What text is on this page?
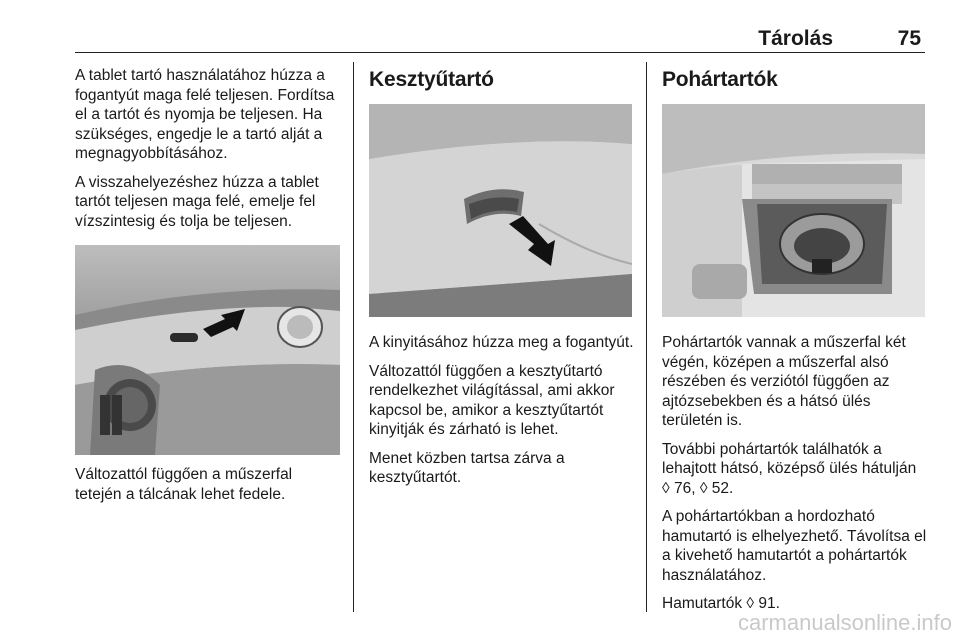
Tárolás	75

A tablet tartó használatához húzza a fogantyút maga felé teljesen. Fordítsa el a tartót és nyomja be teljesen. Ha szükséges, engedje le a tartó alját a megnagyobbításához.

A visszahelyezéshez húzza a tablet tartót teljesen maga felé, emelje fel vízszintesig és tolja be teljesen.

Változattól függően a műszerfal tetején a tálcának lehet fedele.

Kesztyűtartó

A kinyitásához húzza meg a fogantyút.

Változattól függően a kesztyűtartó rendelkezhet világítással, ami akkor kapcsol be, amikor a kesztyűtartót kinyitják és zárható is lehet.

Menet közben tartsa zárva a kesztyűtartót.

Pohártartók

Pohártartók vannak a műszerfal két végén, középen a műszerfal alsó részében és verziótól függően az ajtózsebekben és a hátsó ülés területén is.

További pohártartók találhatók a lehajtott hátsó, középső ülés hátulján ◊ 76, ◊ 52.

A pohártartókban a hordozható hamutartó is elhelyezhető. Távolítsa el a kivehető hamutartót a pohártartók használatához.

Hamutartók ◊ 91.

carmanualsonline.info
